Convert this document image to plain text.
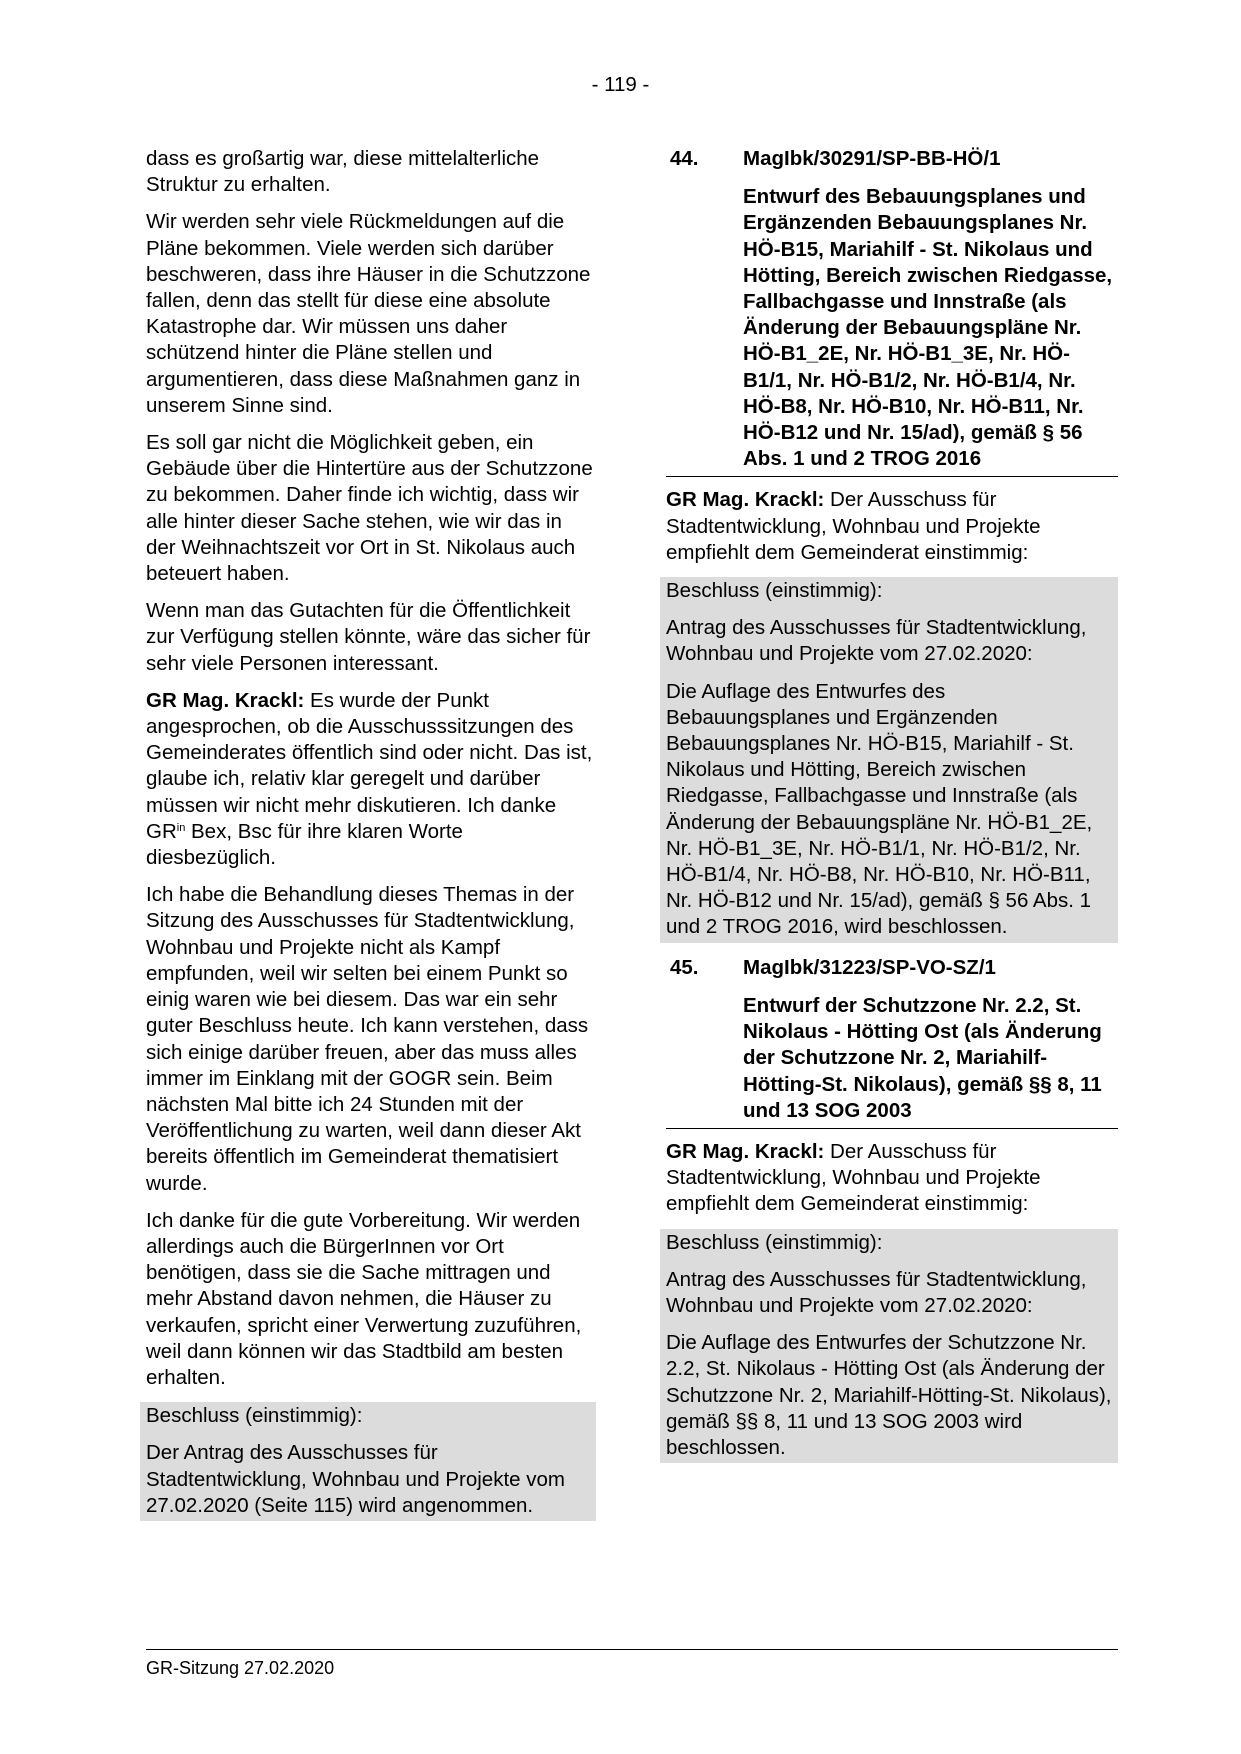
- 119 -

dass es großartig war, diese mittelalterliche Struktur zu erhalten.

Wir werden sehr viele Rückmeldungen auf die Pläne bekommen. Viele werden sich darüber beschweren, dass ihre Häuser in die Schutzzone fallen, denn das stellt für diese eine absolute Katastrophe dar. Wir müssen uns daher schützend hinter die Pläne stellen und argumentieren, dass diese Maßnahmen ganz in unserem Sinne sind.

Es soll gar nicht die Möglichkeit geben, ein Gebäude über die Hintertüre aus der Schutzzone zu bekommen. Daher finde ich wichtig, dass wir alle hinter dieser Sache stehen, wie wir das in der Weihnachtszeit vor Ort in St. Nikolaus auch beteuert haben.

Wenn man das Gutachten für die Öffentlichkeit zur Verfügung stellen könnte, wäre das sicher für sehr viele Personen interessant.

GR Mag. Krackl: Es wurde der Punkt angesprochen, ob die Ausschusssitzungen des Gemeinderates öffentlich sind oder nicht. Das ist, glaube ich, relativ klar geregelt und darüber müssen wir nicht mehr diskutieren. Ich danke $GR^{in}$ Bex, Bsc für ihre klaren Worte diesbezüglich.

Ich habe die Behandlung dieses Themas in der Sitzung des Ausschusses für Stadtentwicklung, Wohnbau und Projekte nicht als Kampf empfunden, weil wir selten bei einem Punkt so einig waren wie bei diesem. Das war ein sehr guter Beschluss heute. Ich kann verstehen, dass sich einige darüber freuen, aber das muss alles immer im Einklang mit der GOGR sein. Beim nächsten Mal bitte ich 24 Stunden mit der Veröffentlichung zu warten, weil dann dieser Akt bereits öffentlich im Gemeinderat thematisiert wurde.

Ich danke für die gute Vorbereitung. Wir werden allerdings auch die BürgerInnen vor Ort benötigen, dass sie die Sache mittragen und mehr Abstand davon nehmen, die Häuser zu verkaufen, spricht einer Verwertung zuzuführen, weil dann können wir das Stadtbild am besten erhalten.

Beschluss (einstimmig):

Der Antrag des Ausschusses für Stadtentwicklung, Wohnbau und Projekte vom 27.02.2020 (Seite 115) wird angenommen.

44.	MagIbk/30291/SP-BB-HÖ/1
Entwurf des Bebauungsplanes und Ergänzenden Bebauungsplanes Nr. HÖ-B15, Mariahilf - St. Nikolaus und Hötting, Bereich zwischen Riedgasse, Fallbachgasse und Innstraße (als Änderung der Bebauungspläne Nr. HÖ-B1_2E, Nr. HÖ-B1_3E, Nr. HÖ-B1/1, Nr. HÖ-B1/2, Nr. HÖ-B1/4, Nr. HÖ-B8, Nr. HÖ-B10, Nr. HÖ-B11, Nr. HÖ-B12 und Nr. 15/ad), gemäß § 56 Abs. 1 und 2 TROG 2016

GR Mag. Krackl: Der Ausschuss für Stadtentwicklung, Wohnbau und Projekte empfiehlt dem Gemeinderat einstimmig:

Beschluss (einstimmig):

Antrag des Ausschusses für Stadtentwicklung, Wohnbau und Projekte vom 27.02.2020:

Die Auflage des Entwurfes des Bebauungsplanes und Ergänzenden Bebauungsplanes Nr. HÖ-B15, Mariahilf - St. Nikolaus und Hötting, Bereich zwischen Riedgasse, Fallbachgasse und Innstraße (als Änderung der Bebauungspläne Nr. HÖ-B1_2E, Nr. HÖ-B1_3E, Nr. HÖ-B1/1, Nr. HÖ-B1/2, Nr. HÖ-B1/4, Nr. HÖ-B8, Nr. HÖ-B10, Nr. HÖ-B11, Nr. HÖ-B12 und Nr. 15/ad), gemäß § 56 Abs. 1 und 2 TROG 2016, wird beschlossen.

45.	MagIbk/31223/SP-VO-SZ/1
Entwurf der Schutzzone Nr. 2.2, St. Nikolaus - Hötting Ost (als Änderung der Schutzzone Nr. 2, Mariahilf-Hötting-St. Nikolaus), gemäß §§ 8, 11 und 13 SOG 2003

GR Mag. Krackl: Der Ausschuss für Stadtentwicklung, Wohnbau und Projekte empfiehlt dem Gemeinderat einstimmig:

Beschluss (einstimmig):

Antrag des Ausschusses für Stadtentwicklung, Wohnbau und Projekte vom 27.02.2020:

Die Auflage des Entwurfes der Schutzzone Nr. 2.2, St. Nikolaus - Hötting Ost (als Änderung der Schutzzone Nr. 2, Mariahilf-Hötting-St. Nikolaus), gemäß §§ 8, 11 und 13 SOG 2003 wird beschlossen.

GR-Sitzung 27.02.2020
